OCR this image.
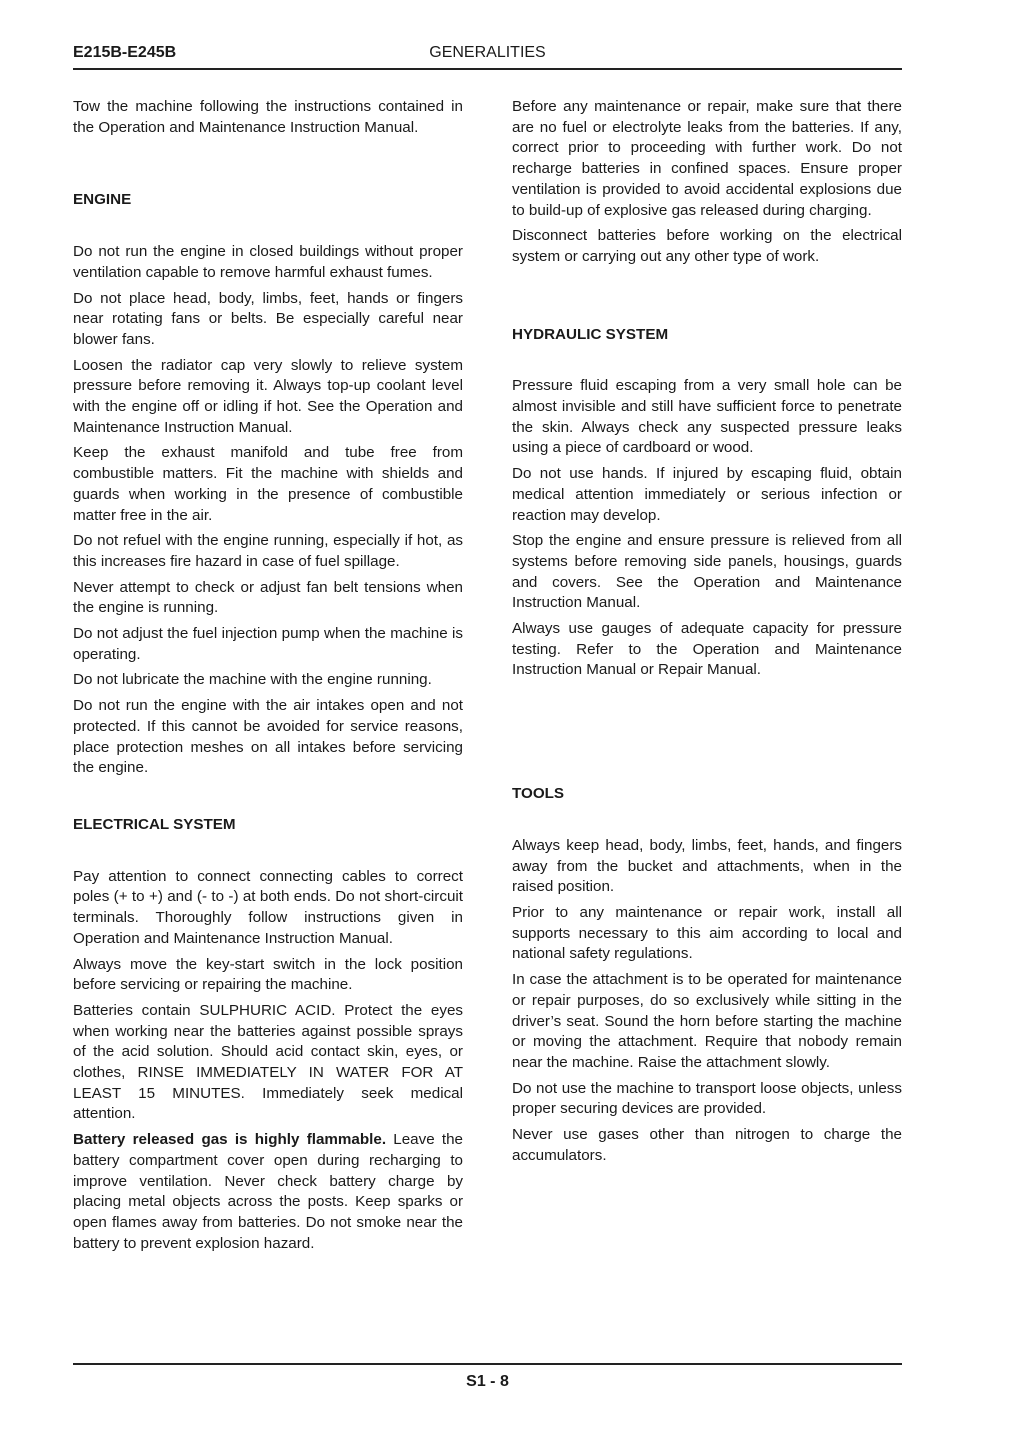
E215B-E245B	GENERALITIES

Tow the machine following the instructions contained in the Operation and Maintenance Instruction Manual.

ENGINE

Do not run the engine in closed buildings without proper ventilation capable to remove harmful exhaust fumes.

Do not place head, body, limbs, feet, hands or fingers near rotating fans or belts. Be especially careful near blower fans.

Loosen the radiator cap very slowly to relieve system pressure before removing it. Always top-up coolant level with the engine off or idling if hot. See the Operation and Maintenance Instruction Manual.

Keep the exhaust manifold and tube free from combustible matters. Fit the machine with shields and guards when working in the presence of combustible matter free in the air.

Do not refuel with the engine running, especially if hot, as this increases fire hazard in case of fuel spillage.

Never attempt to check or adjust fan belt tensions when the engine is running.

Do not adjust the fuel injection pump when the machine is operating.

Do not lubricate the machine with the engine running.

Do not run the engine with the air intakes open and not protected. If this cannot be avoided for service reasons, place protection meshes on all intakes before servicing the engine.

ELECTRICAL SYSTEM

Pay attention to connect connecting cables to correct poles (+ to +) and (- to -) at both ends. Do not short-circuit terminals. Thoroughly follow instructions given in Operation and Maintenance Instruction Manual.

Always move the key-start switch in the lock position before servicing or repairing the machine.

Batteries contain SULPHURIC ACID. Protect the eyes when working near the batteries against possible sprays of the acid solution. Should acid contact skin, eyes, or clothes, RINSE IMMEDIATELY IN WATER FOR AT LEAST 15 MINUTES. Immediately seek medical attention.

Battery released gas is highly flammable. Leave the battery compartment cover open during recharging to improve ventilation. Never check battery charge by placing metal objects across the posts. Keep sparks or open flames away from batteries. Do not smoke near the battery to prevent explosion hazard.

Before any maintenance or repair, make sure that there are no fuel or electrolyte leaks from the batteries. If any, correct prior to proceeding with further work. Do not recharge batteries in confined spaces. Ensure proper ventilation is provided to avoid accidental explosions due to build-up of explosive gas released during charging.

Disconnect batteries before working on the electrical system or carrying out any other type of work.

HYDRAULIC SYSTEM

Pressure fluid escaping from a very small hole can be almost invisible and still have sufficient force to penetrate the skin. Always check any suspected pressure leaks using a piece of cardboard or wood.

Do not use hands. If injured by escaping fluid, obtain medical attention immediately or serious infection or reaction may develop.

Stop the engine and ensure pressure is relieved from all systems before removing side panels, housings, guards and covers. See the Operation and Maintenance Instruction Manual.

Always use gauges of adequate capacity for pressure testing. Refer to the Operation and Maintenance Instruction Manual or Repair Manual.

TOOLS

Always keep head, body, limbs, feet, hands, and fingers away from the bucket and attachments, when in the raised position.

Prior to any maintenance or repair work, install all supports necessary to this aim according to local and national safety regulations.

In case the attachment is to be operated for maintenance or repair purposes, do so exclusively while sitting in the driver’s seat. Sound the horn before starting the machine or moving the attachment. Require that nobody remain near the machine. Raise the attachment slowly.

Do not use the machine to transport loose objects, unless proper securing devices are provided.

Never use gases other than nitrogen to charge the accumulators.

S1 - 8
